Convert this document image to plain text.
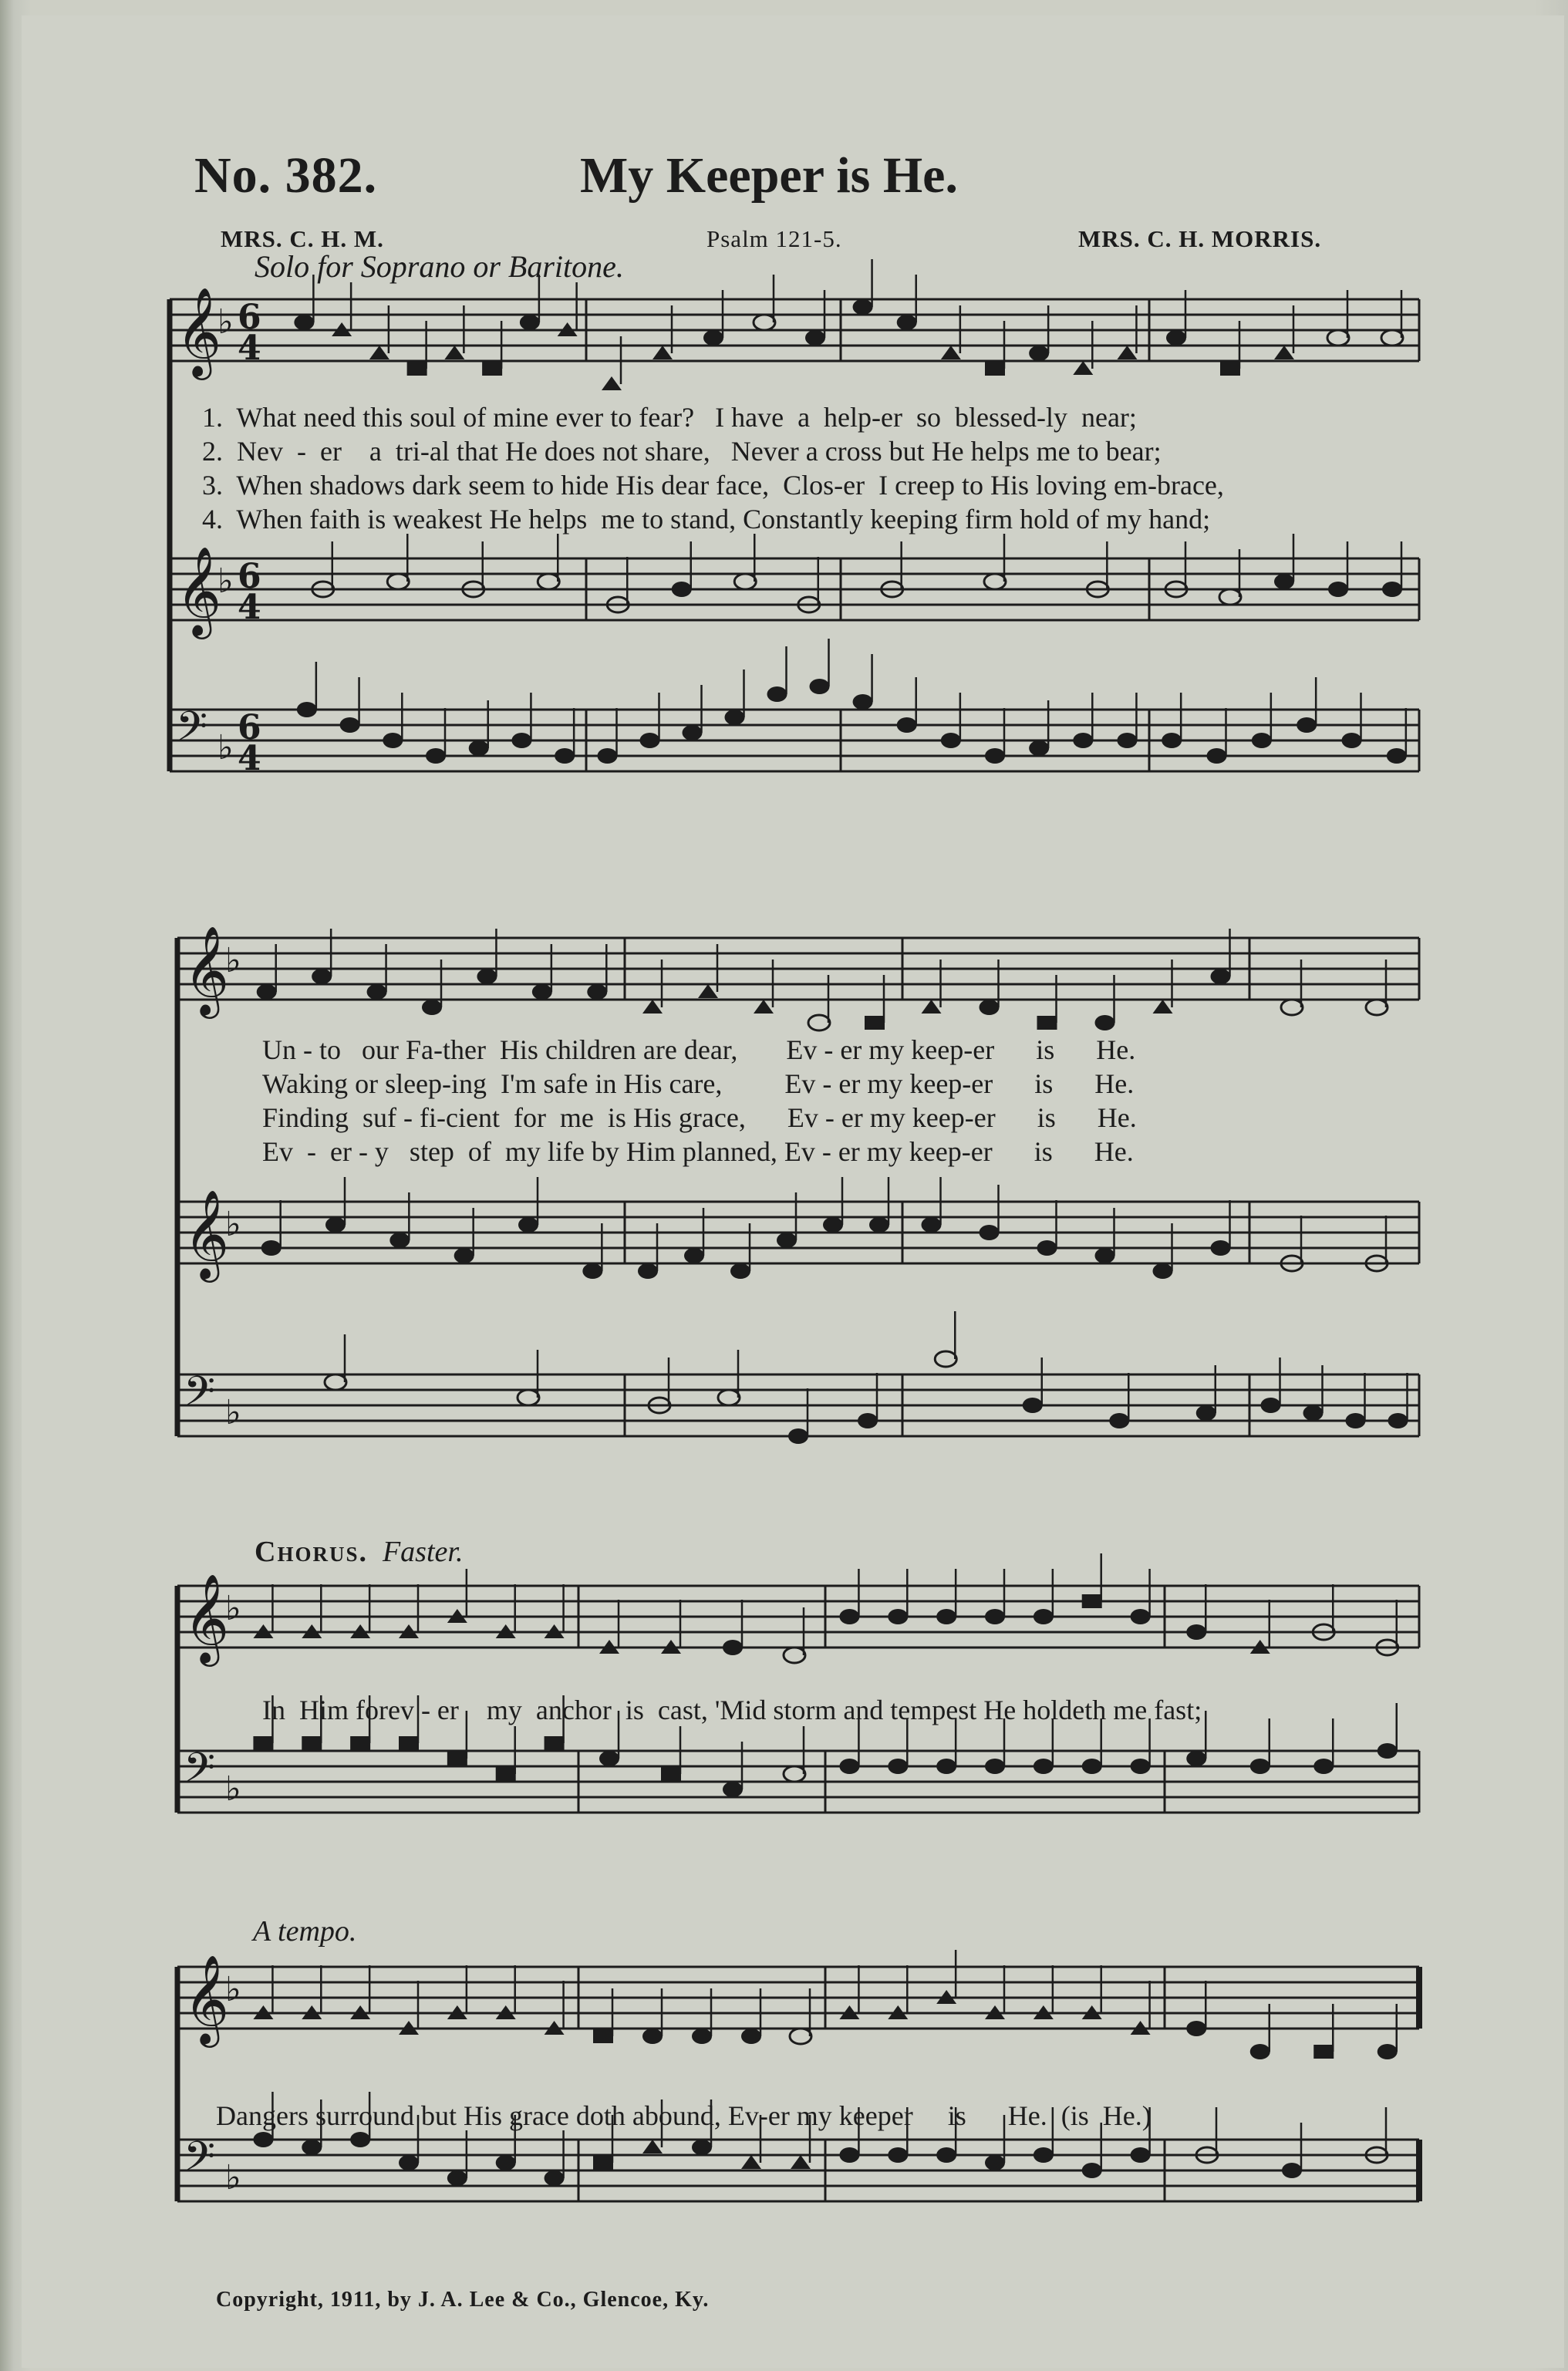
No. 382.	My Keeper is He.
MRS. C. H. M.	Psalm 121-5.	MRS. C. H. MORRIS.
Solo for Soprano or Baritone.
𝄞
♭ 6
4
𝄞
♭ 6
4
𝄢 ♭
6
4
1.  What need this soul of mine ever to fear?   I have  a  help-er  so  blessed-ly  near;
2.  Nev  -  er    a  tri-al that He does not share,   Never a cross but He helps me to bear;
3.  When shadows dark seem to hide His dear face,  Clos-er  I creep to His loving em-brace,
4.  When faith is weakest He helps  me to stand, Constantly keeping firm hold of my hand;
𝄞
♭
𝄞
♭
𝄢 ♭
Un - to   our Fa-ther  His children are dear,       Ev - er my keep-er      is      He.
Waking or sleep-ing  I'm safe in His care,         Ev - er my keep-er      is      He.
Finding  suf - fi-cient  for  me  is His grace,      Ev - er my keep-er      is      He.
Ev  -  er - y   step  of  my life by Him planned, Ev - er my keep-er      is      He.
Chorus. Faster.
𝄞
♭
𝄢 ♭
In  Him forev - er    my  anchor  is  cast, 'Mid storm and tempest He holdeth me fast;
A tempo.
𝄞
♭
𝄢 ♭
Dangers surround but His grace doth abound, Ev-er my keeper     is      He.  (is  He.)
Copyright, 1911, by J. A. Lee & Co., Glencoe, Ky.
